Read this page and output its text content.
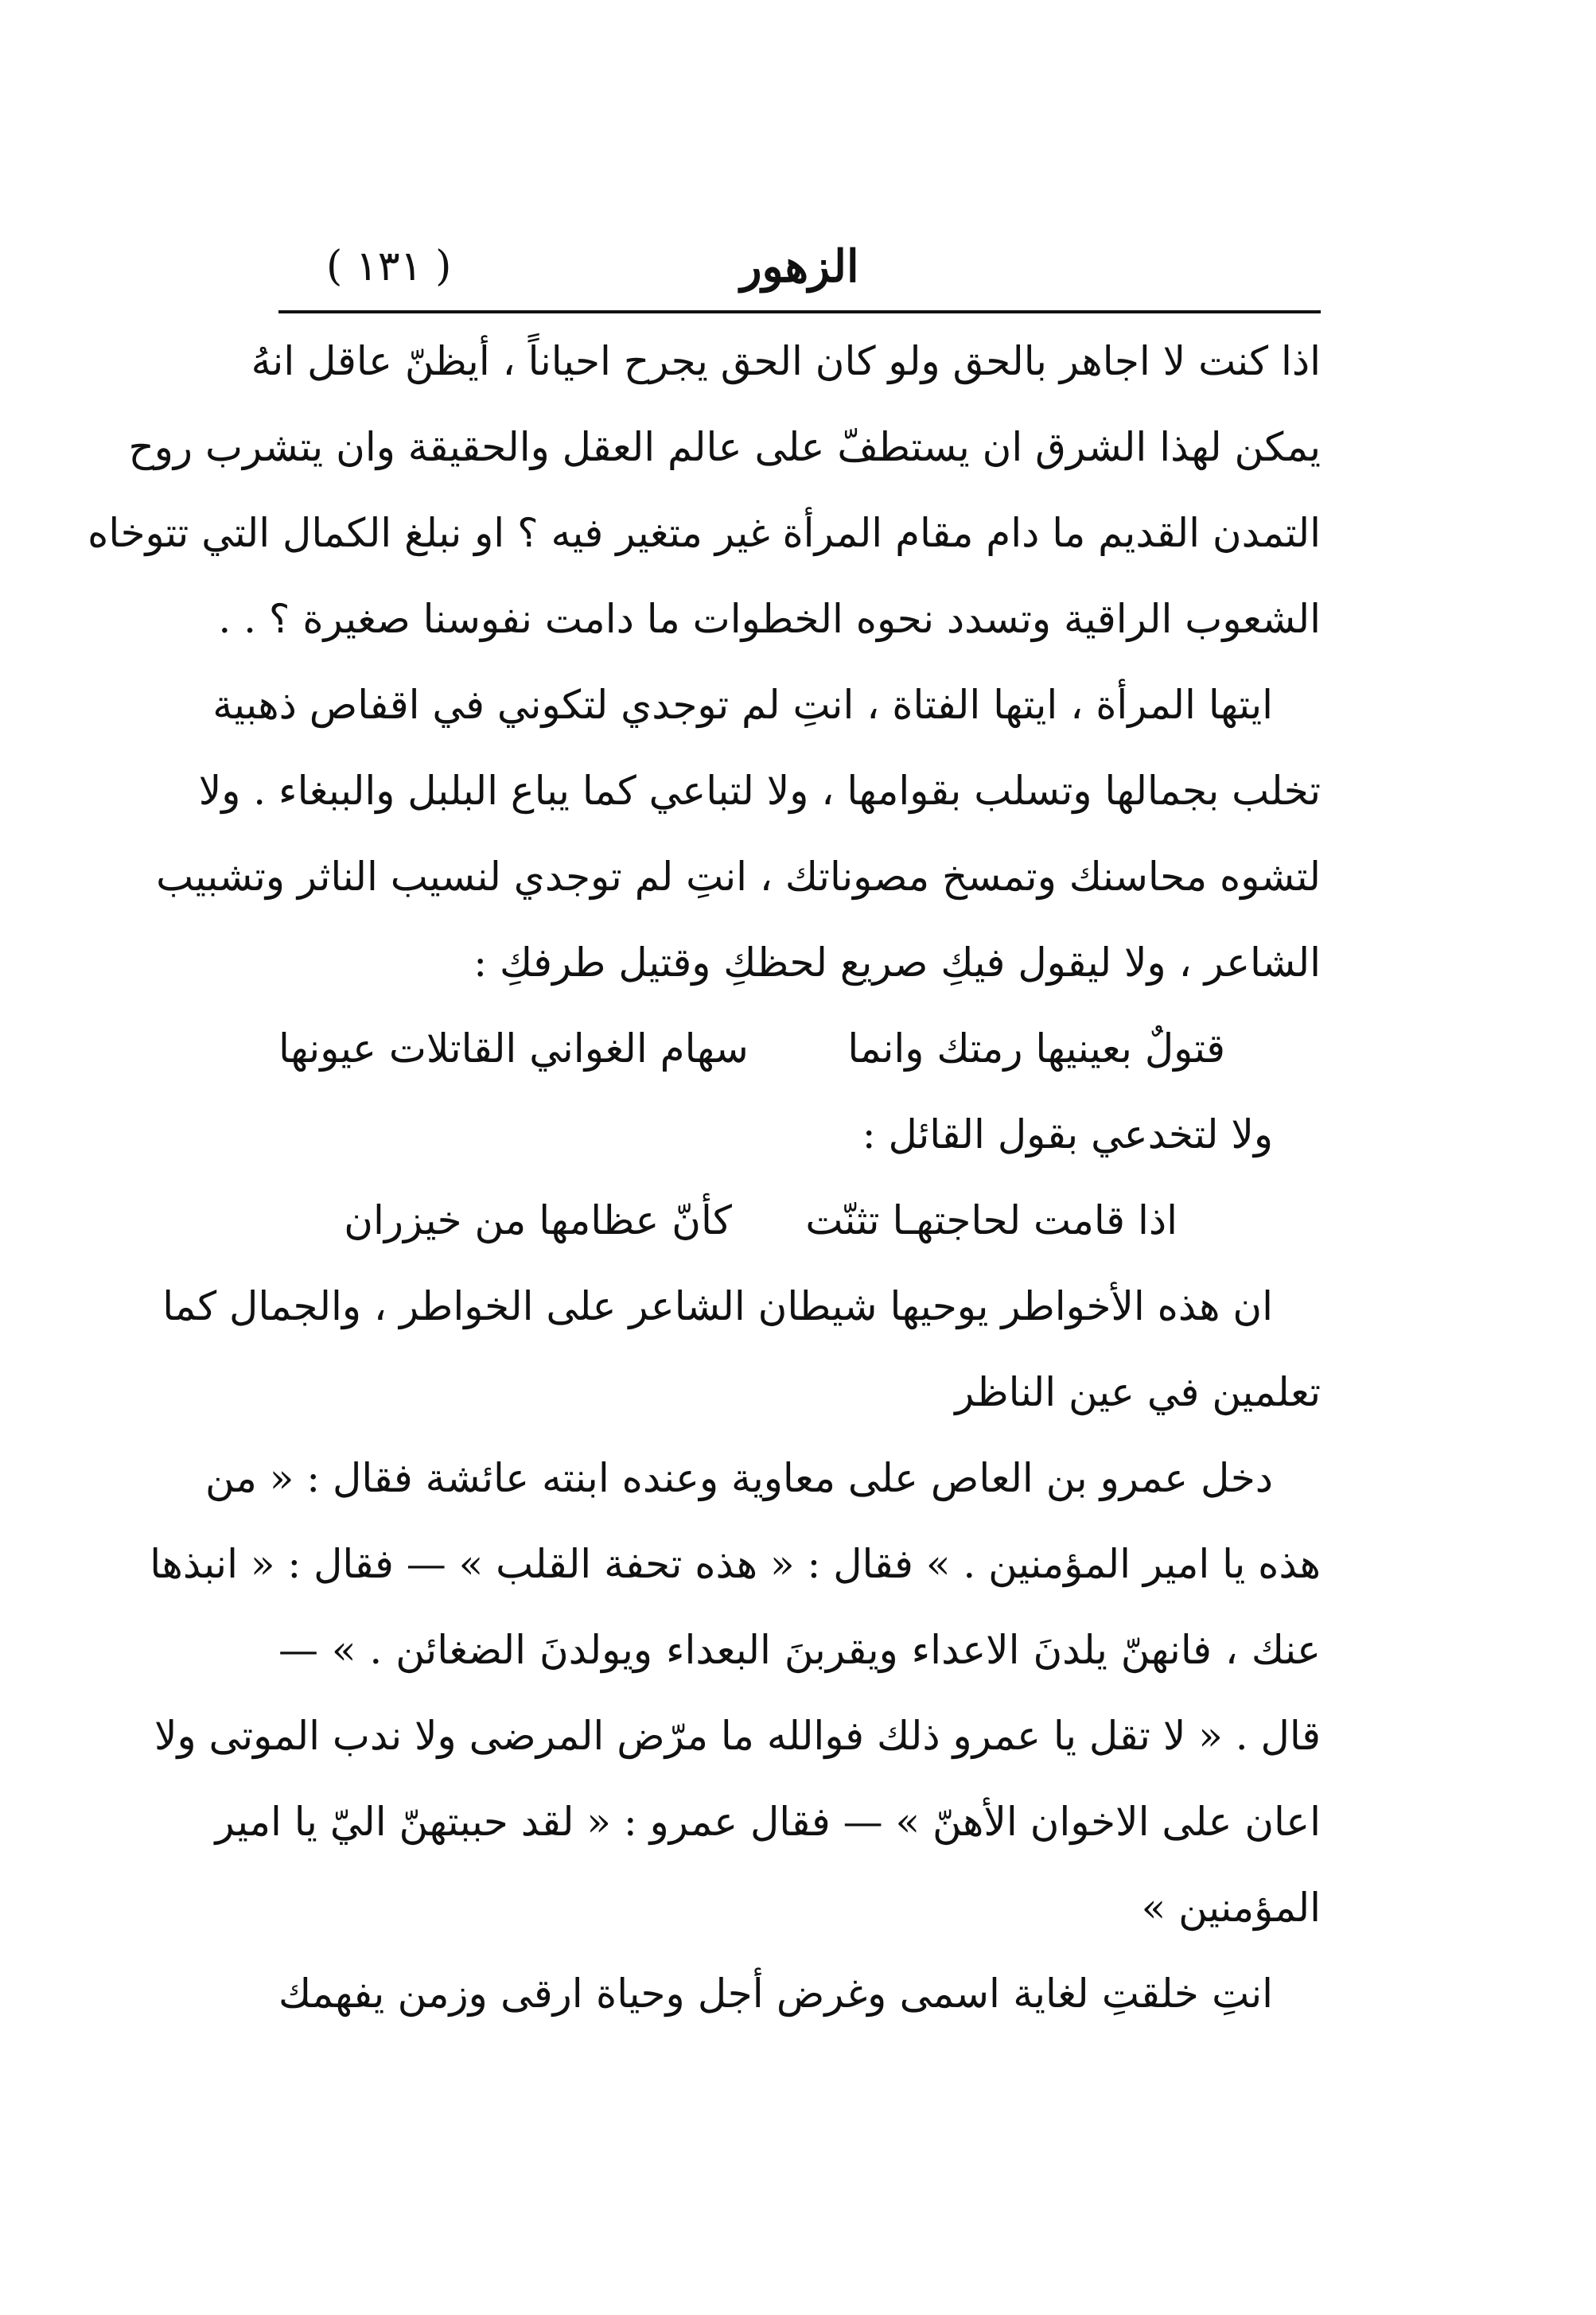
( ١٣١ )	الزهور
اذا كنت لا اجاهر بالحق ولو كان الحق يجرح احياناً ، أيظنّ عاقل انهُ
يمكن لهذا الشرق ان يستطفّ على عالم العقل والحقيقة وان يتشرب روح
التمدن القديم ما دام مقام المرأة غير متغير فيه ؟ او نبلغ الكمال التي تتوخاه
الشعوب الراقية وتسدد نحوه الخطوات ما دامت نفوسنا صغيرة ؟ . .
ايتها المرأة ، ايتها الفتاة ، انتِ لم توجدي لتكوني في اقفاص ذهبية
تخلب بجمالها وتسلب بقوامها ، ولا لتباعي كما يباع البلبل والببغاء . ولا
لتشوه محاسنك وتمسخ مصوناتك ، انتِ لم توجدي لنسيب الناثر وتشبيب
الشاعر ، ولا ليقول فيكِ صريع لحظكِ وقتيل طرفكِ :
قتولٌ بعينيها رمتك وانما
سهام الغواني القاتلات عيونها
ولا لتخدعي بقول القائل :
اذا قامت لحاجتهـا تثنّت
كأنّ عظامها من خيزران
ان هذه الأخواطر يوحيها شيطان الشاعر على الخواطر ، والجمال كما
تعلمين في عين الناظر
دخل عمرو بن العاص على معاوية وعنده ابنته عائشة فقال : « من
هذه يا امير المؤمنين . » فقال : « هذه تحفة القلب » — فقال : « انبذها
عنك ، فانهنّ يلدنَ الاعداء ويقربنَ البعداء ويولدنَ الضغائن . » —
قال . « لا تقل يا عمرو ذلك فوالله ما مرّض المرضى ولا ندب الموتى ولا
اعان على الاخوان الأهنّ » — فقال عمرو : « لقد حببتهنّ اليّ يا امير
المؤمنين »
انتِ خلقتِ لغاية اسمى وغرض أجل وحياة ارقى وزمن يفهمك
